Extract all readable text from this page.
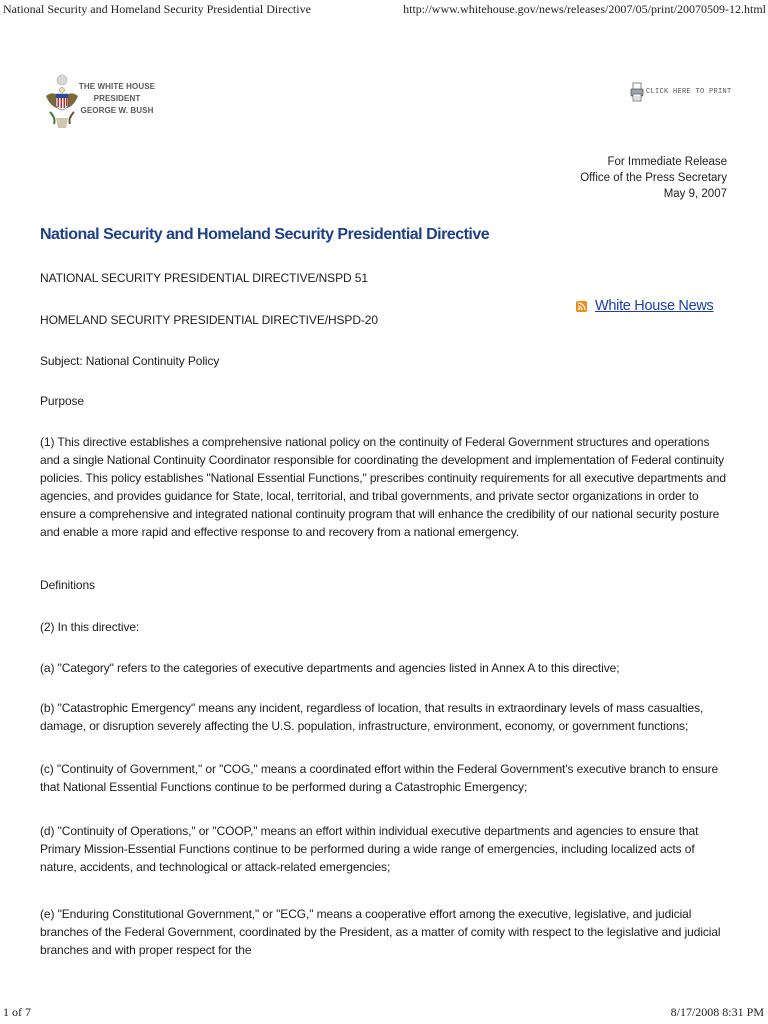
National Security and Homeland Security Presidential Directive	http://www.whitehouse.gov/news/releases/2007/05/print/20070509-12.html
THE WHITE HOUSE
PRESIDENT
GEORGE W. BUSH
CLICK HERE TO PRINT
For Immediate Release
Office of the Press Secretary
May 9, 2007
National Security and Homeland Security Presidential Directive
White House News
NATIONAL SECURITY PRESIDENTIAL DIRECTIVE/NSPD 51
HOMELAND SECURITY PRESIDENTIAL DIRECTIVE/HSPD-20
Subject: National Continuity Policy
Purpose
(1) This directive establishes a comprehensive national policy on the continuity of Federal Government structures and operations and a single National Continuity Coordinator responsible for coordinating the development and implementation of Federal continuity policies. This policy establishes "National Essential Functions," prescribes continuity requirements for all executive departments and agencies, and provides guidance for State, local, territorial, and tribal governments, and private sector organizations in order to ensure a comprehensive and integrated national continuity program that will enhance the credibility of our national security posture and enable a more rapid and effective response to and recovery from a national emergency.
Definitions
(2) In this directive:
(a) "Category" refers to the categories of executive departments and agencies listed in Annex A to this directive;
(b) "Catastrophic Emergency" means any incident, regardless of location, that results in extraordinary levels of mass casualties, damage, or disruption severely affecting the U.S. population, infrastructure, environment, economy, or government functions;
(c) "Continuity of Government," or "COG," means a coordinated effort within the Federal Government's executive branch to ensure that National Essential Functions continue to be performed during a Catastrophic Emergency;
(d) "Continuity of Operations," or "COOP," means an effort within individual executive departments and agencies to ensure that Primary Mission-Essential Functions continue to be performed during a wide range of emergencies, including localized acts of nature, accidents, and technological or attack-related emergencies;
(e) "Enduring Constitutional Government," or "ECG," means a cooperative effort among the executive, legislative, and judicial branches of the Federal Government, coordinated by the President, as a matter of comity with respect to the legislative and judicial branches and with proper respect for the
1 of 7	8/17/2008 8:31 PM
